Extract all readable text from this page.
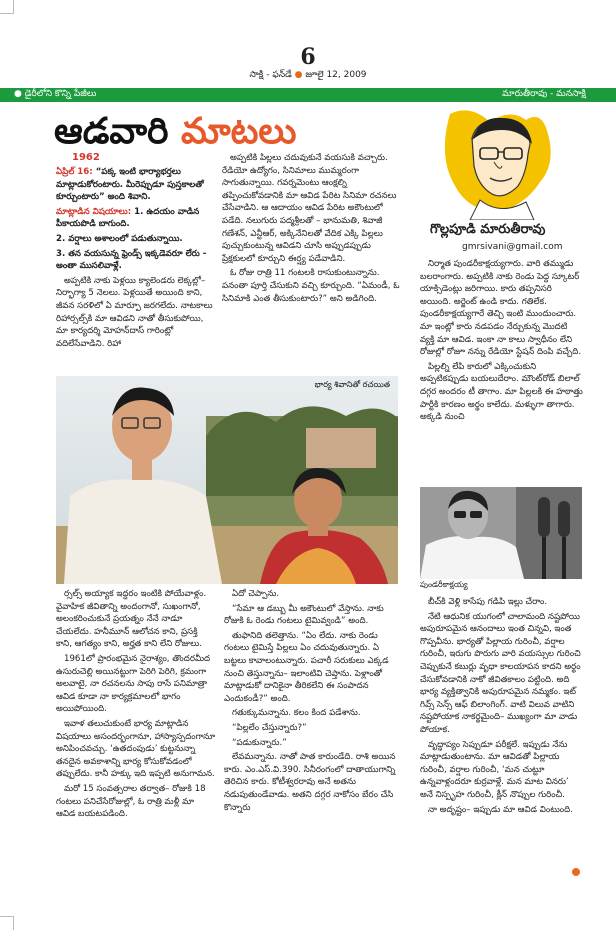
6
సాక్షి - ఫన్‌డే ● జూలై 12, 2009
● డైరీలోని కొన్ని పేజీలు	మారుతీరావు - మనసాక్షి
ఆడవారి మాటలు
గొల్లపూడి మారుతీరావు
gmrsivani@gmail.com
1962

ఏప్రిల్ 16: “పక్క ఇంటి భార్యాభర్తలు మాట్లాడుకోరంటారు. మీరెప్పుడూ పుస్తకాలతో కూర్చుంటారు” అంది శివాని.

మాట్లాడిన విషయాలు: 1. ఉదయం వాడిన పీకాయపొడి బాగుంది.

2. వర్షాలు అశాలంలో పడుతున్నాయి.

3. తన వయసున్న ఫ్రెండ్స్ ఇక్కడెవరూ లేరు - అంతా ముసలివాళ్లే.

అప్పటికి నాకు పెళ్లయి క్యాలెండరు లెక్కల్లో– నిర్భాగ్యా 5 నెలలు. పెళ్లయితే అయింది కాని, జీవన సరళిలో ఏ మార్పూ జరగలేదు. నాటకాలు రిహార్సల్స్‌కి మా ఆవిడని నాతో తీసుకుపోయి, మా కార్యదర్శి మోహన్‌దాస్ గారింట్లో వదిలేసేవాడిని. రిహా

అప్పటికి పిల్లలు చదువుకునే వయసుకి వచ్చారు. రేడియో ఉద్యోగం, సినిమాలు ముమ్మరంగా సాగుతున్నాయి. గవర్నమెంటు ఆంక్షల్ని తప్పించుకోవడానికి మా ఆవిడ పేరిట సినిమా రచనలు చేసేవాడిని. ఆ ఆదాయం ఆవిడ పేరిట అకౌంటులో పడేది. నలుగురు పద్మశ్రీలతో – భానుమతి, శివాజీ గణేశన్, ఎన్టీఆర్, అక్కినేనిలతో వేదిక ఎక్కి పిల్లలు పుచ్చుకుంటున్న ఆవిడని చూసి అప్పుడప్పుడు ప్రేక్షకులలో కూర్చుని ఈర్ష్య పడేవాడిని.

ఓ రోజు రాత్రి 11 గంటలకి రాసుకుంటున్నాను. పనంతా పూర్తి చేసుకుని వచ్చి కూర్చుంది. “ఏమండీ, ఓ సినిమాకి ఎంత తీసుకుంటారు?” అని అడిగింది.

నిర్మాత పుండరీకాక్షయ్యగారు. వారి తమ్ముడు బలరాంగారు. అప్పటికి నాకు రెండు పెద్ద స్కూటర్ యాక్సిడెంట్లు జరిగాయి. కారు తప్పనిసరి అయింది. అర్జెంట్ ఉండి కాదు. గతిలేక. పుండరీకాక్షయ్యగారే తెచ్చి ఇంటి ముందుంచారు. మా ఇంట్లో కారు నడపడం నేర్చుకున్న మొదటి వ్యక్తి మా ఆవిడ. ఇంకా నా కాలు స్వాధీనం లేని రోజుల్లో రోజూ నన్ను రేడియో స్టేషన్ దింపి వచ్చేది.

పిల్లల్ని లేపి కారులో ఎక్కించుకుని అప్పటికప్పుడు బయలుదేరాం. మౌంట్‌రోడ్ బిలాల్ దగ్గర అందరం టీ తాగాం. మా పిల్లలకి ఈ హఠాత్తు పార్టీకి కారణం అర్థం కాలేదు. మళ్ళుగా తాగారు. అక్కడి నుంచి

భార్య శివానితో రచయిత
పుండరీకాక్షయ్య

ర్సల్స్ అయ్యాక ఇద్దరం ఇంటికి పోయేవాళ్లం. వైవాహిక జీవితాన్ని అందంగానో, సుఖంగానో, అలంకరించుకునే ప్రయత్నం నేనే నాడూ చేయలేదు. హనీమూన్ ఆలోచన కాని, ప్రసక్తి కాని, ఆగత్యం కాని, అర్హత కాని లేని రోజులు.

1961లో ప్రారంభమైన నైరాశ్యం, తొందరమీద ఉసురుచెల్లి అయినట్టుగా పెరిగి పెరిగి, క్రమంగా అలవాటై, నా రచనలను సాపు రాసే పనిమాత్రా ఆవిడ కూడా నా కార్యక్రమాలలో భాగం అయిపోయింది.

ఇవాళ తలుచుకుంటే భార్య మాట్లాడిన విషయాలు అసందర్భంగానూ, హాస్యాస్పదంగానూ అనిపించవచ్చు. ‘ఉతదంపుడు’ కుట్టనున్నా తనదైన అవకాశాన్ని భార్య కోసుకోవడంలో తప్పులేదు. కానీ హక్కు ఇది ఇప్పటి అనుగామన.

మరో 15 సంవత్సరాల తర్వాత– రోజుకి 18 గంటలు పనిచేసేరోజుల్లో, ఓ రాత్రి మళ్లీ మా ఆవిడ బయటపడింది.

ఏదో చెప్పాను.

“సేమా ఆ డబ్బు మీ అకౌంటులో వేస్తాను. నాకు రోజుకి ఓ రెండు గంటలు టైమివ్వండి” అంది.

తుఫానిది తలెత్తాను. “ఏం లేదు. నాకు రెండు గంటలు టైమిస్తే పిల్లలు ఏం చదువుతున్నారు. ఏ బట్టలు కావాలంటున్నారు. పచారీ సరుకులు ఎక్కడ నుంచి తెస్తున్నాను– ఇలాంటివి చెప్తాను. పెళ్లాంతో మాట్లాడుకో దానికైనా తీరికలేని ఈ సంపాదన ఎందుకండీ?” అంది.

గతుక్కుమన్నాను. కలం కింద పడేశాను.

“పిల్లలేం చేస్తున్నారు?”

“పడుకున్నారు.”

లేవమన్నాను. నాతో పాత కారుండేది. రాశి అయిన కారు. ఎం.ఎస్.వి.390. సినీరంగంలో దాతాయుగాన్ని తెరిచిన కారు. కోటీశ్వరరావు అనే అతను నడుపుతుండేవాడు. అతని దగ్గర నాకోసం బేరం చేసి కొన్నారు

బీచ్‌కి వెళ్లి కాసేపు గడిపి ఇల్లు చేరాం.

నేటి ఆధునిక యుగంలో చాలామంది నష్టపోయి అపురూపమైన ఆనందాలు ఇంత చిన్నవి, ఇంత గొప్పవీను. భార్యతో పిల్లాయ గురించీ, వర్షాల గురించీ, ఇరుగు పొరుగు వారి వయస్సుల గురించి చెప్పుకునే కబుర్లు వృధా కాలయాపన కాదని అర్థం చేసుకోవడానికి నాకో జీవితకాలం పట్టింది. అది భార్య వ్యక్తిత్వానికి అపురూపమైన నమ్మకం. ఇట్ గివ్స్ సెన్స్ ఆఫ్ బిలాంగింగ్. వాటి విలువ వాటిని నష్టపోయాక నాకర్థమైంది– ముఖ్యంగా మా వాడు పోయాక.

వృద్ధాప్యం సెప్పుడూ పరీక్షలే. ఇప్పుడు నేను మాట్లాడుతుంటాను. మా ఆవిడతో పిల్లాయ గురించీ, వర్షాల గురించీ, ‘మన చుట్టూ ఉన్నవాళ్లందరూ కుర్రవాళ్లే. మన మాట వినరు’ అనే నిస్పృహ గురించీ, క్లీన్ నొప్పుల గురించీ.

నా అదృష్టం– ఇప్పుడు మా ఆవిడ వింటుంది.
